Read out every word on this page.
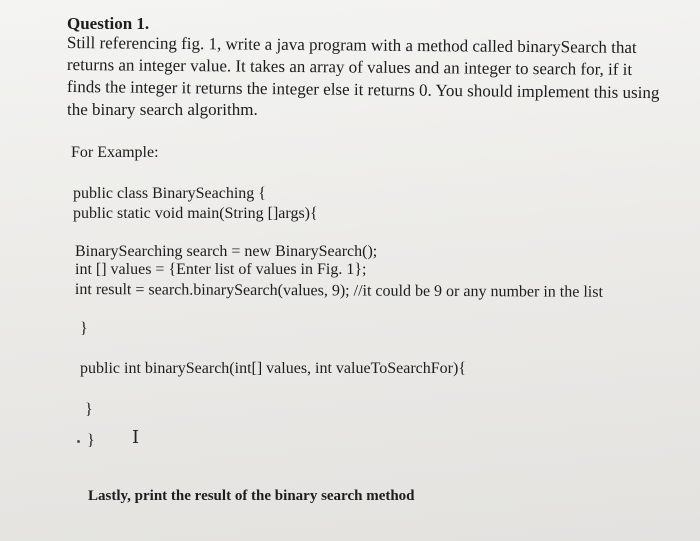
Question 1.
Still referencing fig. 1, write a java program with a method called binarySearch that
returns an integer value. It takes an array of values and an integer to search for, if it
finds the integer it returns the integer else it returns 0. You should implement this using
the binary search algorithm.
For Example:
public class BinarySeaching {
public static void main(String []args){
BinarySearching search = new BinarySearch();
int [] values = {Enter list of values in Fig. 1};
int result = search.binarySearch(values, 9); //it could be 9 or any number in the list
}
public int binarySearch(int[] values, int valueToSearchFor){
}
} I
Lastly, print the result of the binary search method
